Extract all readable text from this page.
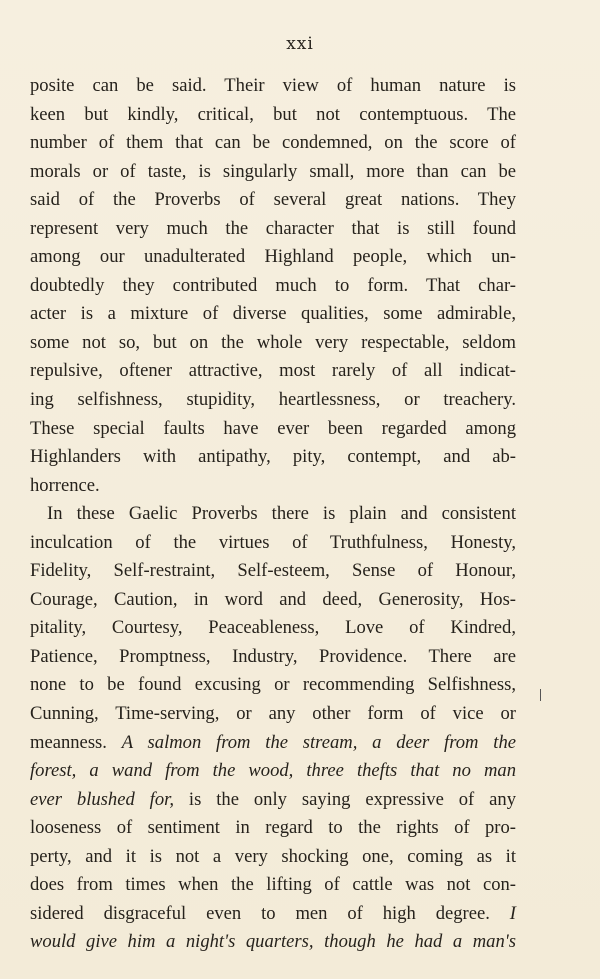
xxi
posite can be said. Their view of human nature is
keen but kindly, critical, but not contemptuous. The
number of them that can be condemned, on the score of
morals or of taste, is singularly small, more than can be
said of the Proverbs of several great nations. They
represent very much the character that is still found
among our unadulterated Highland people, which un-
doubtedly they contributed much to form. That char-
acter is a mixture of diverse qualities, some admirable,
some not so, but on the whole very respectable, seldom
repulsive, oftener attractive, most rarely of all indicat-
ing selfishness, stupidity, heartlessness, or treachery.
These special faults have ever been regarded among
Highlanders with antipathy, pity, contempt, and ab-
horrence.
In these Gaelic Proverbs there is plain and consistent
inculcation of the virtues of Truthfulness, Honesty,
Fidelity, Self-restraint, Self-esteem, Sense of Honour,
Courage, Caution, in word and deed, Generosity, Hos-
pitality, Courtesy, Peaceableness, Love of Kindred,
Patience, Promptness, Industry, Providence. There are
none to be found excusing or recommending Selfishness,
Cunning, Time-serving, or any other form of vice or
meanness. A salmon from the stream, a deer from the
forest, a wand from the wood, three thefts that no man
ever blushed for, is the only saying expressive of any
looseness of sentiment in regard to the rights of pro-
perty, and it is not a very shocking one, coming as it
does from times when the lifting of cattle was not con-
sidered disgraceful even to men of high degree. I
would give him a night's quarters, though he had a man's
